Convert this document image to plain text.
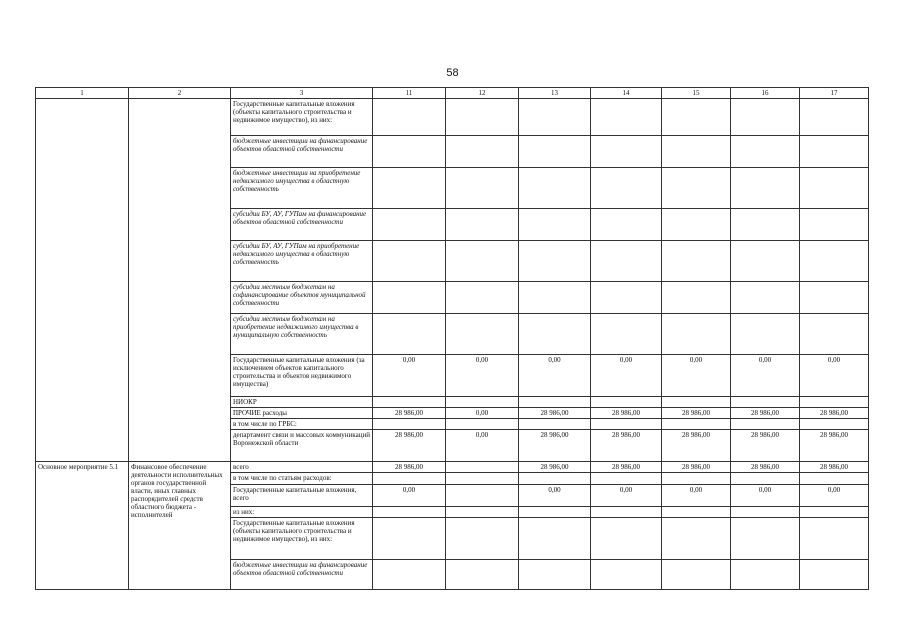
58
1	2	3	11	12	13	14	15	16	17
		Государственные капитальные вложения (объекты капитального строительства и недвижимое имущество), из них:							
		бюджетные инвестиции на финансирование объектов областной собственности							
		бюджетные инвестиции на приобретение недвижимого имущества в областную собственность							
		субсидии БУ, АУ, ГУПам на финансирование объектов областной собственности							
		субсидии БУ, АУ, ГУПам на приобретение недвижимого имущества в областную собственность							
		субсидии местным бюджетам на софинансирование объектов муниципальной собственности							
		субсидии местным бюджетам на приобретение недвижимого имущества в муниципальную собственность							
		Государственные капитальные вложения (за исключением объектов капитального строительства и объектов недвижимого имущества)	0,00	0,00	0,00	0,00	0,00	0,00	0,00
		НИОКР							
		ПРОЧИЕ расходы	28 986,00	0,00	28 986,00	28 986,00	28 986,00	28 986,00	28 986,00
		в том числе по ГРБС:							
		департамент связи и массовых коммуникаций Воронежской области	28 986,00	0,00	28 986,00	28 986,00	28 986,00	28 986,00	28 986,00
Основное мероприятие 5.1	Финансовое обеспечение деятельности исполнительных органов государственной власти, иных главных распорядителей средств областного бюджета - исполнителей	всего	28 986,00		28 986,00	28 986,00	28 986,00	28 986,00	28 986,00
		в том числе по статьям расходов:							
		Государственные капитальные вложения, всего	0,00		0,00	0,00	0,00	0,00	0,00
		из них:							
		Государственные капитальные вложения (объекты капитального строительства и недвижимое имущество), из них:							
		бюджетные инвестиции на финансирование объектов областной собственности							
